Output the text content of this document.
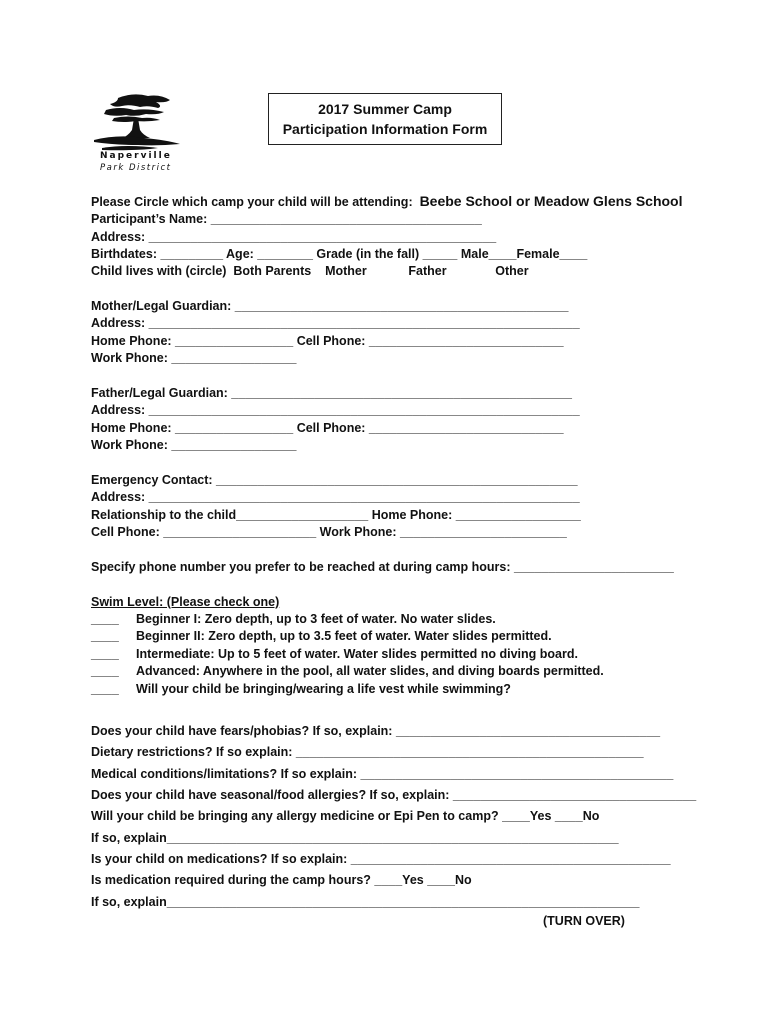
Naperville
Park District
2017 Summer Camp
Participation Information Form
Please Circle which camp your child will be attending: Beebe School or Meadow Glens School
Participant’s Name: _______________________________________
Address: __________________________________________________
Birthdates: _________ Age: ________ Grade (in the fall) _____ Male____Female____
Child lives with (circle)  Both Parents    Mother            Father              Other
Mother/Legal Guardian: ________________________________________________
Address: ______________________________________________________________
Home Phone: _________________ Cell Phone: ____________________________
Work Phone: __________________
Father/Legal Guardian: _________________________________________________
Address: ______________________________________________________________
Home Phone: _________________ Cell Phone: ____________________________
Work Phone: __________________
Emergency Contact: ____________________________________________________
Address: ______________________________________________________________
Relationship to the child___________________ Home Phone: __________________
Cell Phone: ______________________ Work Phone: ________________________
Specify phone number you prefer to be reached at during camp hours: _______________________
Swim Level: (Please check one)
____ Beginner I: Zero depth, up to 3 feet of water. No water slides.
____ Beginner II: Zero depth, up to 3.5 feet of water. Water slides permitted.
____ Intermediate: Up to 5 feet of water. Water slides permitted no diving board.
____ Advanced: Anywhere in the pool, all water slides, and diving boards permitted.
____ Will your child be bringing/wearing a life vest while swimming?
Does your child have fears/phobias? If so, explain: ______________________________________
Dietary restrictions? If so explain: __________________________________________________
Medical conditions/limitations? If so explain: _____________________________________________
Does your child have seasonal/food allergies? If so, explain: ___________________________________
Will your child be bringing any allergy medicine or Epi Pen to camp? ____Yes ____No
If so, explain_________________________________________________________________
Is your child on medications? If so explain: ______________________________________________
Is medication required during the camp hours? ____Yes ____No
If so, explain____________________________________________________________________
(TURN OVER)
